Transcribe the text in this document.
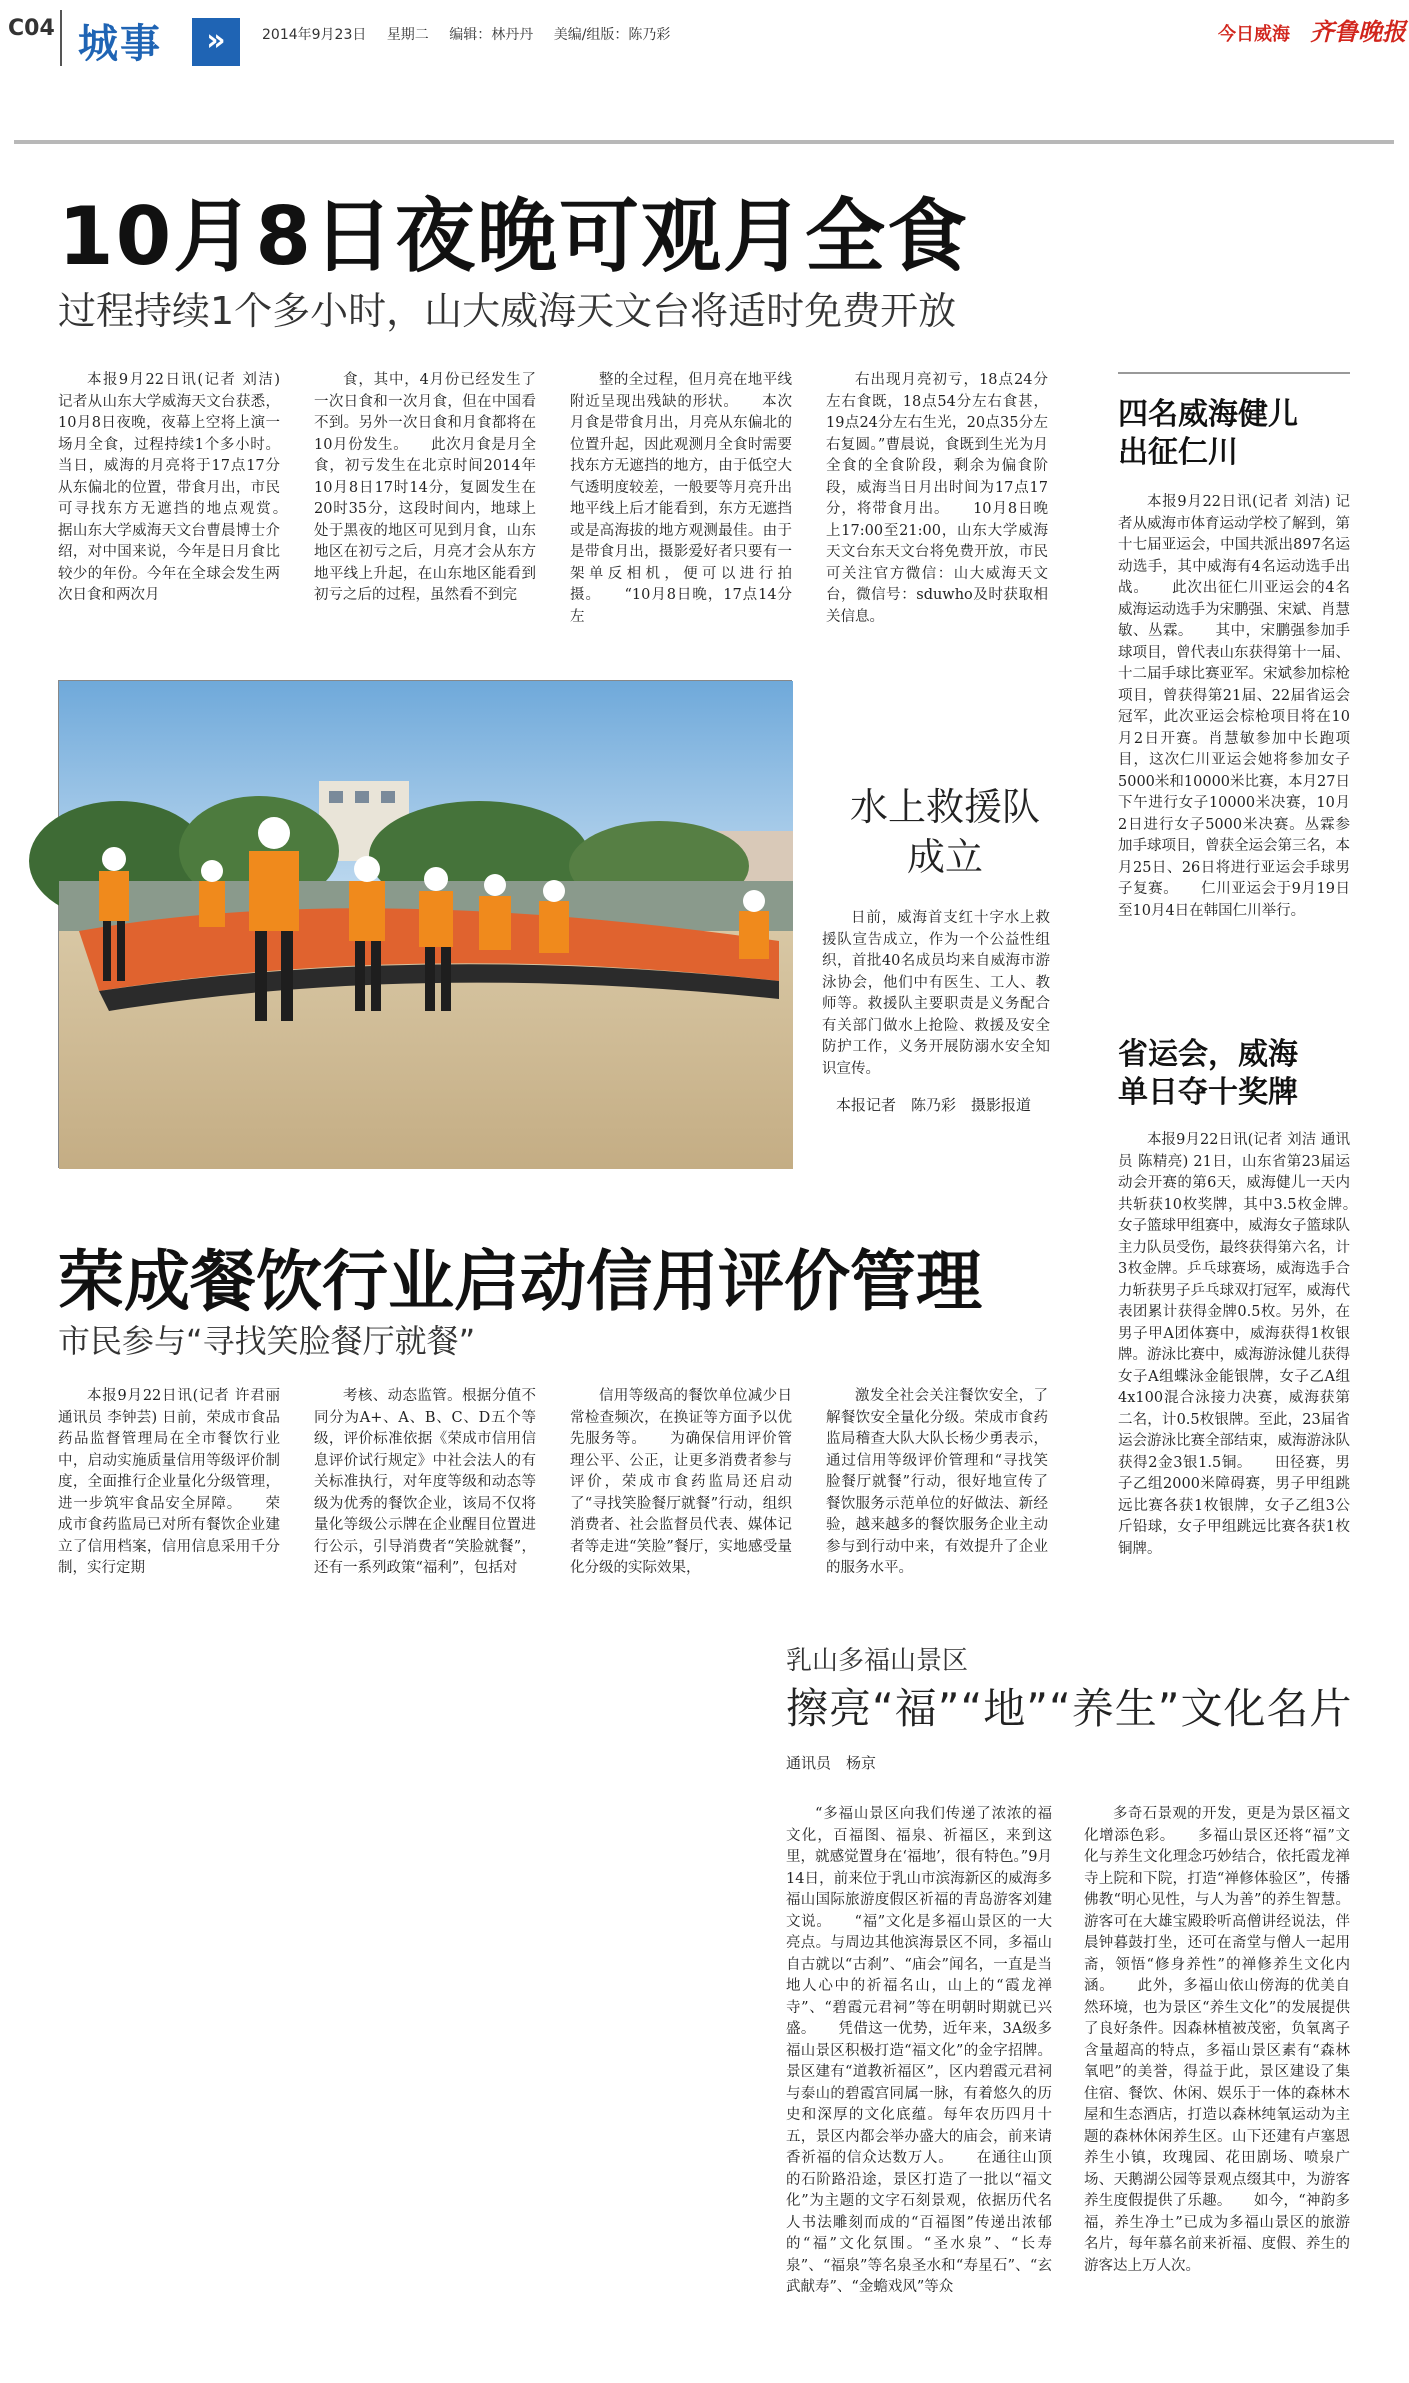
C04 城事	»	2014年9月23日 星期二 编辑：林丹丹 美编/组版：陈乃彩	今日威海 齐鲁晚报
10月8日夜晚可观月全食
过程持续1个多小时，山大威海天文台将适时免费开放

本报9月22日讯(记者 刘洁) 记者从山东大学威海天文台获悉，10月8日夜晚，夜幕上空将上演一场月全食，过程持续1个多小时。当日，威海的月亮将于17点17分从东偏北的位置，带食月出，市民可寻找东方无遮挡的地点观赏。　　据山东大学威海天文台曹晨博士介绍，对中国来说，今年是日月食比较少的年份。今年在全球会发生两次日食和两次月

食，其中，4月份已经发生了一次日食和一次月食，但在中国看不到。另外一次日食和月食都将在10月份发生。　　此次月食是月全食，初亏发生在北京时间2014年10月8日17时14分，复圆发生在20时35分，这段时间内，地球上处于黑夜的地区可见到月食，山东地区在初亏之后，月亮才会从东方地平线上升起，在山东地区能看到初亏之后的过程，虽然看不到完

整的全过程，但月亮在地平线附近呈现出残缺的形状。　　本次月食是带食月出，月亮从东偏北的位置升起，因此观测月全食时需要找东方无遮挡的地方，由于低空大气透明度较差，一般要等月亮升出地平线上后才能看到，东方无遮挡或是高海拔的地方观测最佳。由于是带食月出，摄影爱好者只要有一架单反相机，便可以进行拍摄。　　“10月8日晚，17点14分左

右出现月亮初亏，18点24分左右食既，18点54分左右食甚，19点24分左右生光，20点35分左右复圆。”曹晨说，食既到生光为月全食的全食阶段，剩余为偏食阶段，威海当日月出时间为17点17分，将带食月出。　　10月8日晚上17:00至21:00，山东大学威海天文台东天文台将免费开放，市民可关注官方微信：山大威海天文台，微信号：sduwho及时获取相关信息。

水上救援队
成立

日前，威海首支红十字水上救援队宣告成立，作为一个公益性组织，首批40名成员均来自威海市游泳协会，他们中有医生、工人、教师等。救援队主要职责是义务配合有关部门做水上抢险、救援及安全防护工作，义务开展防溺水安全知识宣传。

本报记者　陈乃彩　摄影报道
荣成餐饮行业启动信用评价管理
市民参与“寻找笑脸餐厅就餐”

本报9月22日讯(记者 许君丽 通讯员 李钟芸) 日前，荣成市食品药品监督管理局在全市餐饮行业中，启动实施质量信用等级评价制度，全面推行企业量化分级管理，进一步筑牢食品安全屏障。　　荣成市食药监局已对所有餐饮企业建立了信用档案，信用信息采用千分制，实行定期

考核、动态监管。根据分值不同分为A+、A、B、C、D五个等级，评价标准依据《荣成市信用信息评价试行规定》中社会法人的有关标准执行，对年度等级和动态等级为优秀的餐饮企业，该局不仅将量化等级公示牌在企业醒目位置进行公示，引导消费者“笑脸就餐”，还有一系列政策“福利”，包括对

信用等级高的餐饮单位减少日常检查频次，在换证等方面予以优先服务等。　　为确保信用评价管理公平、公正，让更多消费者参与评价，荣成市食药监局还启动了“寻找笑脸餐厅就餐”行动，组织消费者、社会监督员代表、媒体记者等走进“笑脸”餐厅，实地感受量化分级的实际效果，

激发全社会关注餐饮安全，了解餐饮安全量化分级。荣成市食药监局稽查大队大队长杨少勇表示，通过信用等级评价管理和“寻找笑脸餐厅就餐”行动，很好地宣传了餐饮服务示范单位的好做法、新经验，越来越多的餐饮服务企业主动参与到行动中来，有效提升了企业的服务水平。

四名威海健儿
出征仁川

本报9月22日讯(记者 刘洁) 记者从威海市体育运动学校了解到，第十七届亚运会，中国共派出897名运动选手，其中威海有4名运动选手出战。　　此次出征仁川亚运会的4名威海运动选手为宋鹏强、宋斌、肖慧敏、丛霖。　　其中，宋鹏强参加手球项目，曾代表山东获得第十一届、十二届手球比赛亚军。宋斌参加棕枪项目，曾获得第21届、22届省运会冠军，此次亚运会棕枪项目将在10月2日开赛。肖慧敏参加中长跑项目，这次仁川亚运会她将参加女子5000米和10000米比赛，本月27日下午进行女子10000米决赛，10月2日进行女子5000米决赛。丛霖参加手球项目，曾获全运会第三名，本月25日、26日将进行亚运会手球男子复赛。　　仁川亚运会于9月19日至10月4日在韩国仁川举行。

省运会，威海
单日夺十奖牌

本报9月22日讯(记者 刘洁 通讯员 陈精亮) 21日，山东省第23届运动会开赛的第6天，威海健儿一天内共斩获10枚奖牌，其中3.5枚金牌。　　女子篮球甲组赛中，威海女子篮球队主力队员受伤，最终获得第六名，计3枚金牌。乒乓球赛场，威海选手合力斩获男子乒乓球双打冠军，威海代表团累计获得金牌0.5枚。另外，在男子甲A团体赛中，威海获得1枚银牌。游泳比赛中，威海游泳健儿获得女子A组蝶泳金能银牌，女子乙A组4x100混合泳接力决赛，威海获第二名，计0.5枚银牌。至此，23届省运会游泳比赛全部结束，威海游泳队获得2金3银1.5铜。　　田径赛，男子乙组2000米障碍赛，男子甲组跳远比赛各获1枚银牌，女子乙组3公斤铅球，女子甲组跳远比赛各获1枚铜牌。

乳山多福山景区
擦亮“福”“地”“养生”文化名片
通讯员　杨京

“多福山景区向我们传递了浓浓的福文化，百福图、福泉、祈福区，来到这里，就感觉置身在‘福地’，很有特色。”9月14日，前来位于乳山市滨海新区的威海多福山国际旅游度假区祈福的青岛游客刘建文说。　　“福”文化是多福山景区的一大亮点。与周边其他滨海景区不同，多福山自古就以“古刹”、“庙会”闻名，一直是当地人心中的祈福名山，山上的“霞龙禅寺”、“碧霞元君祠”等在明朝时期就已兴盛。　　凭借这一优势，近年来，3A级多福山景区积极打造“福文化”的金字招牌。景区建有“道教祈福区”，区内碧霞元君祠与泰山的碧霞宫同属一脉，有着悠久的历史和深厚的文化底蕴。每年农历四月十五，景区内都会举办盛大的庙会，前来请香祈福的信众达数万人。　　在通往山顶的石阶路沿途，景区打造了一批以“福文化”为主题的文字石刻景观，依据历代名人书法雕刻而成的“百福图”传递出浓郁的“福”文化氛围。“圣水泉”、“长寿泉”、“福泉”等名泉圣水和“寿星石”、“玄武献寿”、“金蟾戏风”等众

多奇石景观的开发，更是为景区福文化增添色彩。　　多福山景区还将“福”文化与养生文化理念巧妙结合，依托霞龙禅寺上院和下院，打造“禅修体验区”，传播佛教“明心见性，与人为善”的养生智慧。游客可在大雄宝殿聆听高僧讲经说法，伴晨钟暮鼓打坐，还可在斋堂与僧人一起用斋，领悟“修身养性”的禅修养生文化内涵。　　此外，多福山依山傍海的优美自然环境，也为景区“养生文化”的发展提供了良好条件。因森林植被茂密，负氧离子含量超高的特点，多福山景区素有“森林氧吧”的美誉，得益于此，景区建设了集住宿、餐饮、休闲、娱乐于一体的森林木屋和生态酒店，打造以森林纯氧运动为主题的森林休闲养生区。山下还建有卢塞恩养生小镇，玫瑰园、花田剧场、喷泉广场、天鹅湖公园等景观点缀其中，为游客养生度假提供了乐趣。　　如今，“神韵多福，养生净土”已成为多福山景区的旅游名片，每年慕名前来祈福、度假、养生的游客达上万人次。
